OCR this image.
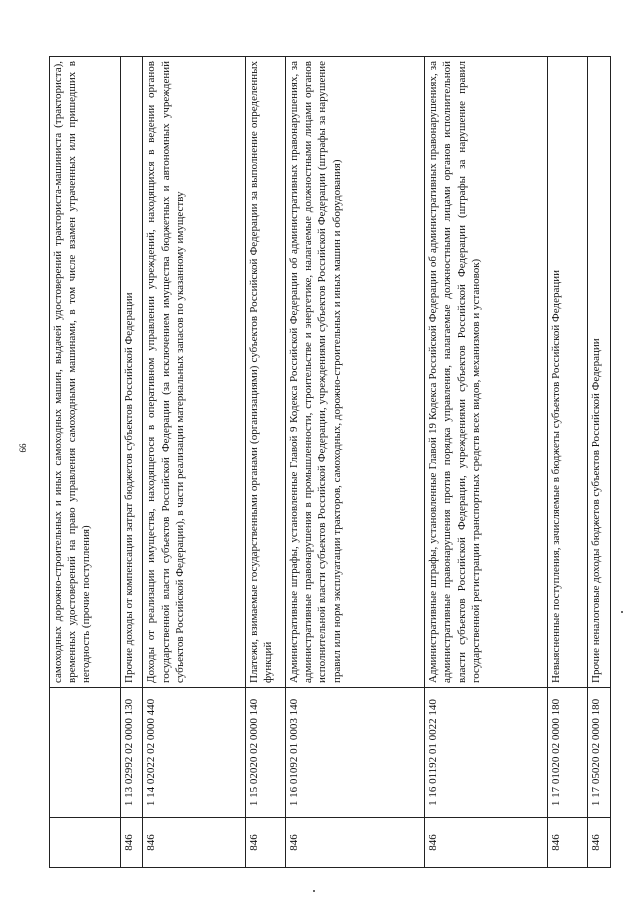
99
		самоходных дорожно-строительных и иных самоходных машин, выдачей удостоверений тракториста-машиниста (тракториста), временных удостоверений на право управления самоходными машинами, в том числе взамен утраченных или пришедших в негодность (прочие поступления)
846	1 13 02992 02 0000 130	Прочие доходы от компенсации затрат бюджетов субъектов Российской Федерации
846	1 14 02022 02 0000 440	Доходы от реализации имущества, находящегося в оперативном управлении учреждений, находящихся в ведении органов государственной власти субъектов Российской Федерации (за исключением имущества бюджетных и автономных учреждений субъектов Российской Федерации), в части реализации материальных запасов по указанному имуществу
846	1 15 02020 02 0000 140	Платежи, взимаемые государственными органами (организациями) субъектов Российской Федерации за выполнение определенных функций
846	1 16 01092 01 0003 140	Административные штрафы, установленные Главой 9 Кодекса Российской Федерации об административных правонарушениях, за административные правонарушения в промышленности, строительстве и энергетике, налагаемые должностными лицами органов исполнительной власти субъектов Российской Федерации, учреждениями субъектов Российской Федерации (штрафы за нарушение правил или норм эксплуатации тракторов, самоходных, дорожно-строительных и иных машин и оборудования)
846	1 16 01192 01 0022 140	Административные штрафы, установленные Главой 19 Кодекса Российской Федерации об административных правонарушениях, за административные правонарушения против порядка управления, налагаемые должностными лицами органов исполнительной власти субъектов Российской Федерации, учреждениями субъектов Российской Федерации (штрафы за нарушение правил государственной регистрации транспортных средств всех видов, механизмов и установок)
846	1 17 01020 02 0000 180	Невыясненные поступления, зачисляемые в бюджеты субъектов Российской Федерации
846	1 17 05020 02 0000 180	Прочие неналоговые доходы бюджетов субъектов Российской Федерации
